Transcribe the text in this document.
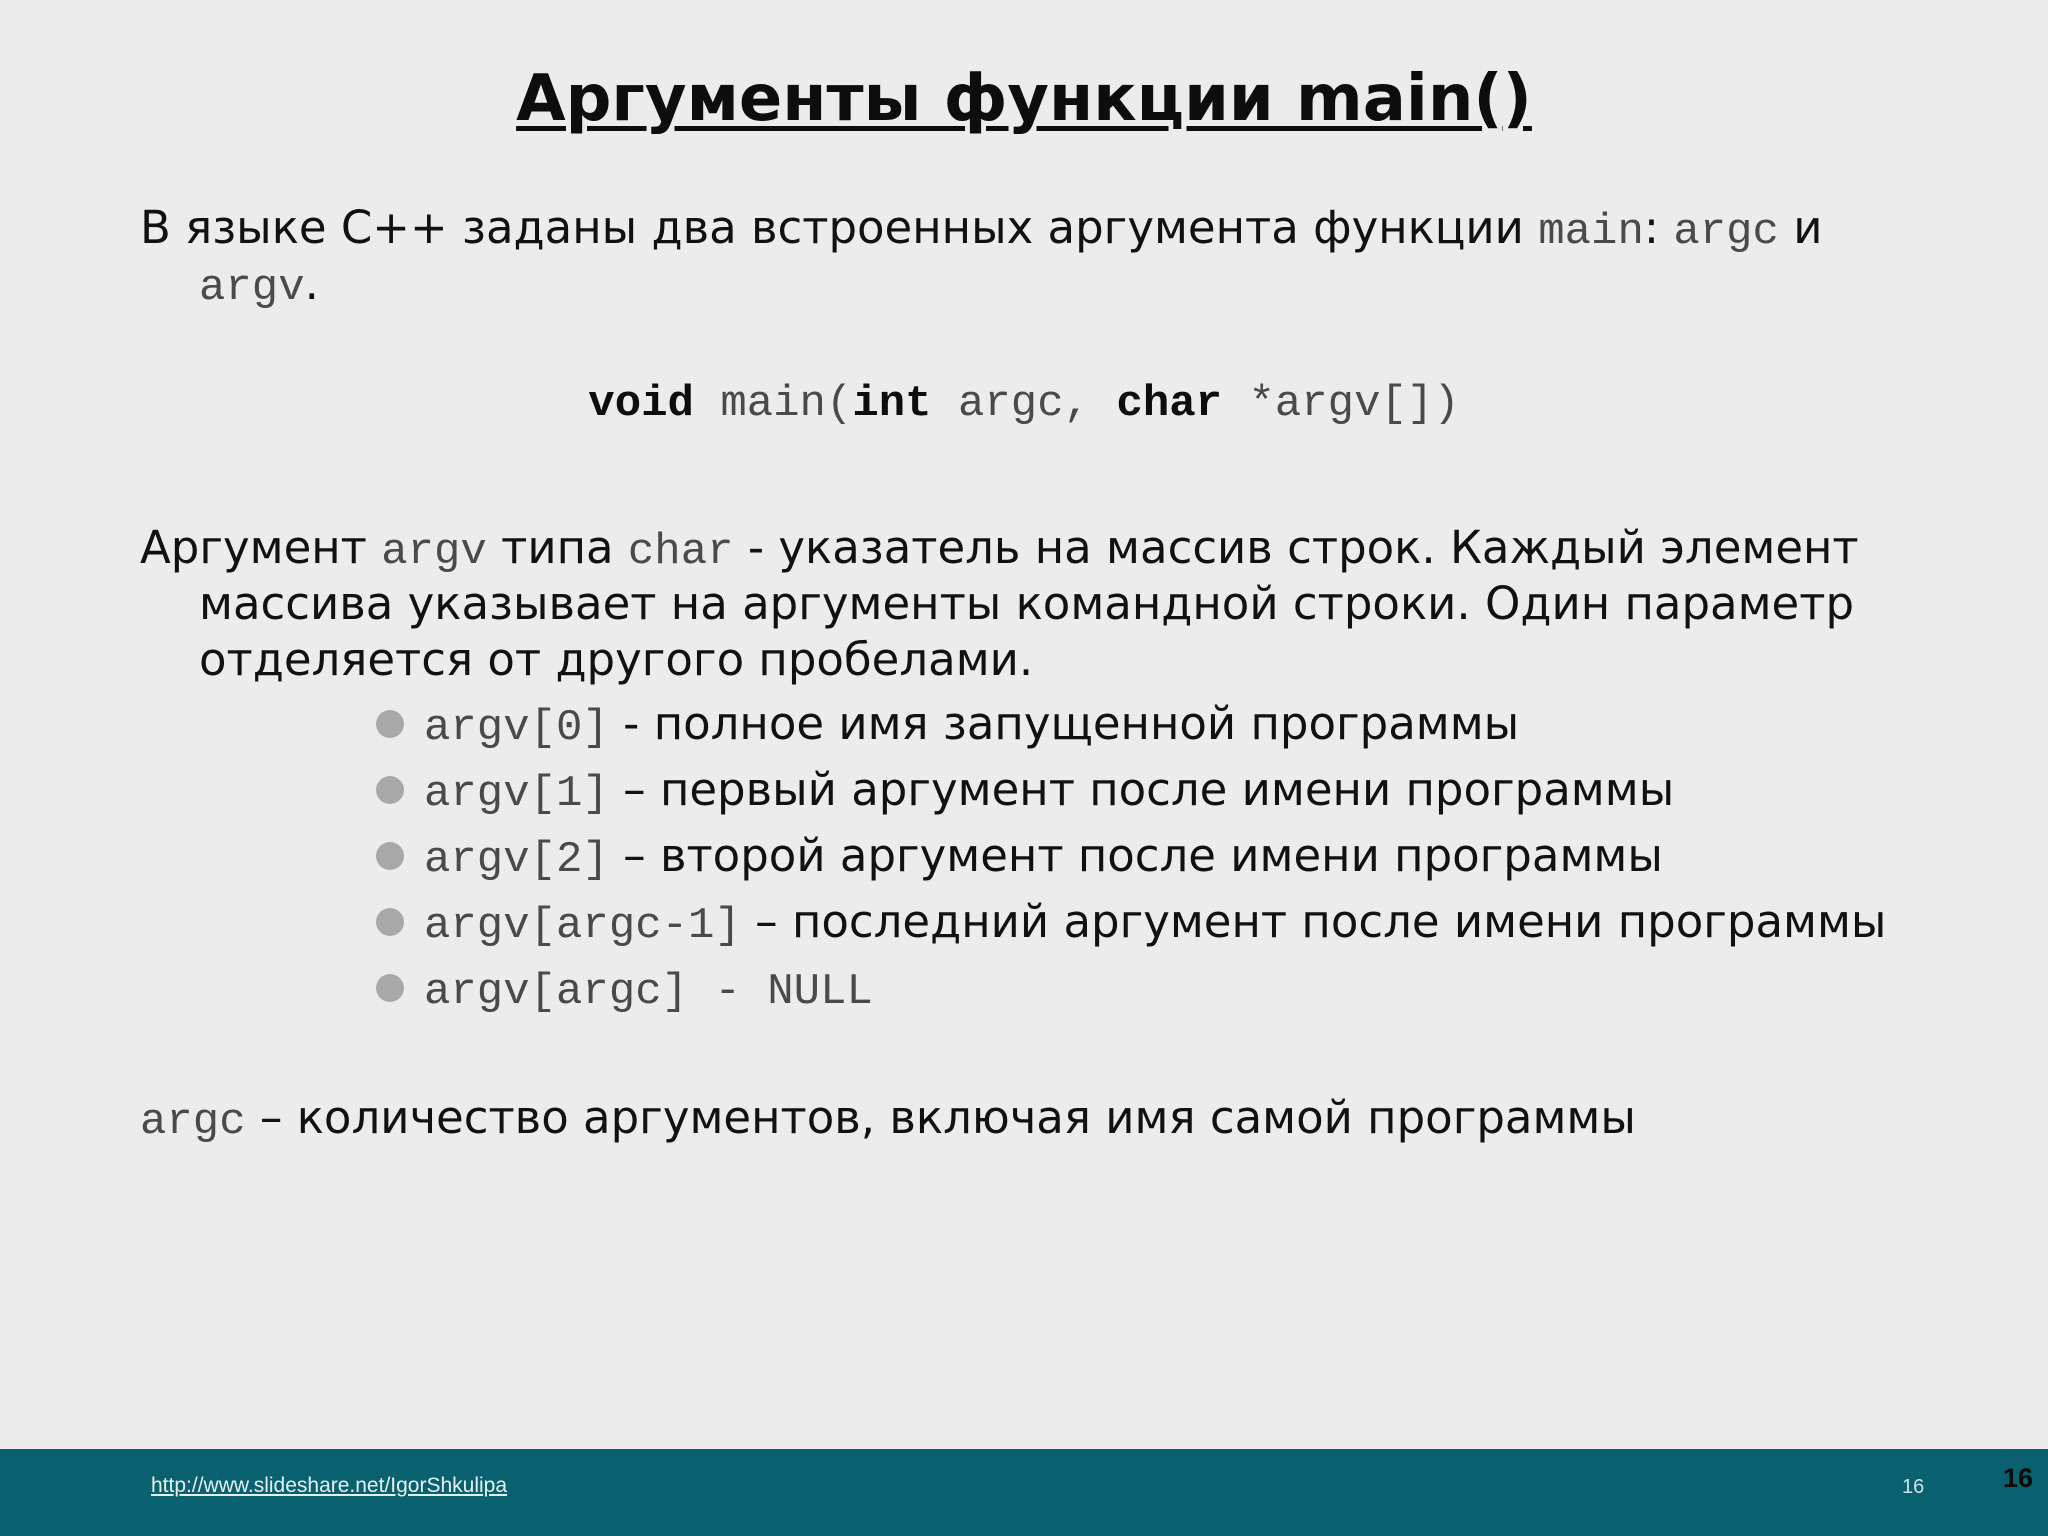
Аргументы функции main()
В языке С++ заданы два встроенных аргумента функции main: argc и
argv.
void main(int argc, char *argv[])
Аргумент argv типа char - указатель на массив строк. Каждый элемент
массива указывает на аргументы командной строки. Один параметр
отделяется от другого пробелами.
argv[0] - полное имя запущенной программы
argv[1] – первый аргумент после имени программы
argv[2] – второй аргумент после имени программы
argv[argc-1] – последний аргумент после имени программы
argv[argc] - NULL
argc – количество аргументов, включая имя самой программы
http://www.slideshare.net/IgorShkulipa	16	16
